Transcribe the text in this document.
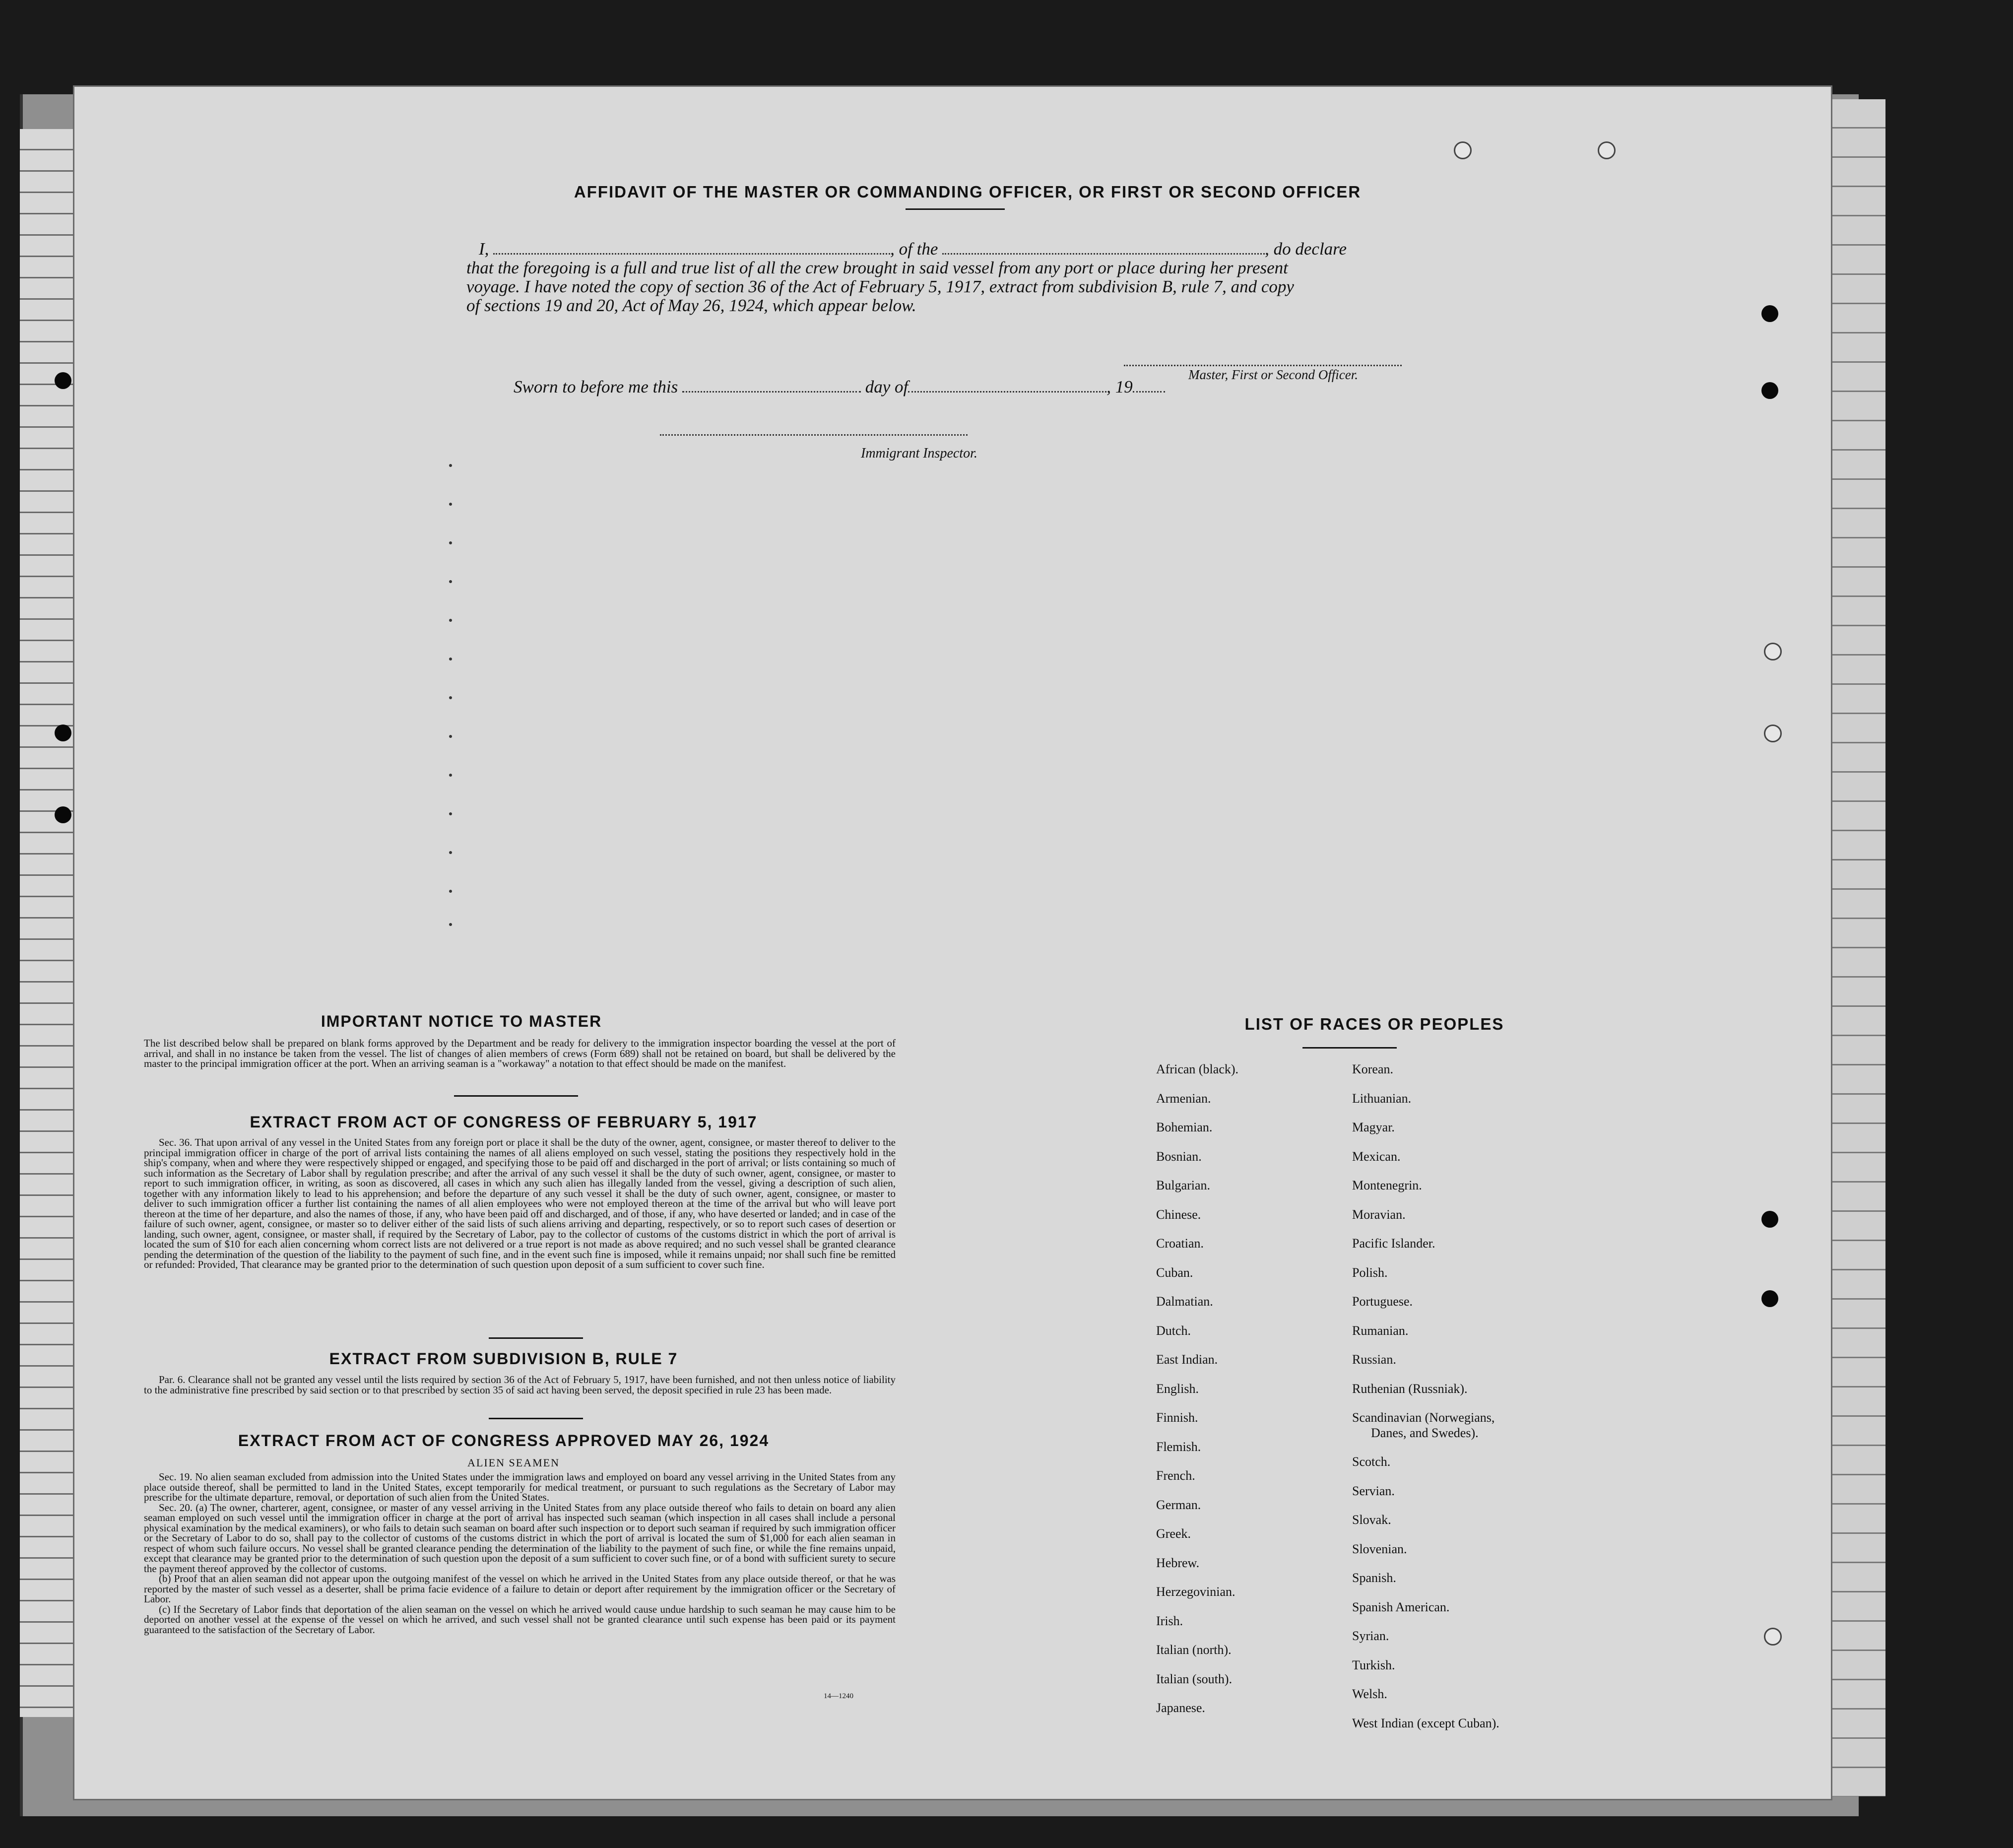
AFFIDAVIT OF THE MASTER OR COMMANDING OFFICER, OR FIRST OR SECOND OFFICER
I,	, of the	, do declare
that the foregoing is a full and true list of all the crew brought in said vessel from any port or place during her present
voyage. I have noted the copy of section 36 of the Act of February 5, 1917, extract from subdivision B, rule 7, and copy
of sections 19 and 20, Act of May 26, 1924, which appear below.
Master, First or Second Officer.
Sworn to before me this	day of	, 19
Immigrant Inspector.
IMPORTANT NOTICE TO MASTER
The list described below shall be prepared on blank forms approved by the Department and be ready for delivery to the immigration inspector boarding the vessel at the port of arrival, and shall in no instance be taken from the vessel. The list of changes of alien members of crews (Form 689) shall not be retained on board, but shall be delivered by the master to the principal immigration officer at the port. When an arriving seaman is a "workaway" a notation to that effect should be made on the manifest.
EXTRACT FROM ACT OF CONGRESS OF FEBRUARY 5, 1917
Sec. 36. That upon arrival of any vessel in the United States from any foreign port or place it shall be the duty of the owner, agent, consignee, or master thereof to deliver to the principal immigration officer in charge of the port of arrival lists containing the names of all aliens employed on such vessel, stating the positions they respectively hold in the ship's company, when and where they were respectively shipped or engaged, and specifying those to be paid off and discharged in the port of arrival; or lists containing so much of such information as the Secretary of Labor shall by regulation prescribe; and after the arrival of any such vessel it shall be the duty of such owner, agent, consignee, or master to report to such immigration officer, in writing, as soon as discovered, all cases in which any such alien has illegally landed from the vessel, giving a description of such alien, together with any information likely to lead to his apprehension; and before the departure of any such vessel it shall be the duty of such owner, agent, consignee, or master to deliver to such immigration officer a further list containing the names of all alien employees who were not employed thereon at the time of the arrival but who will leave port thereon at the time of her departure, and also the names of those, if any, who have been paid off and discharged, and of those, if any, who have deserted or landed; and in case of the failure of such owner, agent, consignee, or master so to deliver either of the said lists of such aliens arriving and departing, respectively, or so to report such cases of desertion or landing, such owner, agent, consignee, or master shall, if required by the Secretary of Labor, pay to the collector of customs of the customs district in which the port of arrival is located the sum of $10 for each alien concerning whom correct lists are not delivered or a true report is not made as above required; and no such vessel shall be granted clearance pending the determination of the question of the liability to the payment of such fine, and in the event such fine is imposed, while it remains unpaid; nor shall such fine be remitted or refunded: Provided, That clearance may be granted prior to the determination of such question upon deposit of a sum sufficient to cover such fine.
EXTRACT FROM SUBDIVISION B, RULE 7
Par. 6. Clearance shall not be granted any vessel until the lists required by section 36 of the Act of February 5, 1917, have been furnished, and not then unless notice of liability to the administrative fine prescribed by said section or to that prescribed by section 35 of said act having been served, the deposit specified in rule 23 has been made.
EXTRACT FROM ACT OF CONGRESS APPROVED MAY 26, 1924
ALIEN SEAMEN

Sec. 19. No alien seaman excluded from admission into the United States under the immigration laws and employed on board any vessel arriving in the United States from any place outside thereof, shall be permitted to land in the United States, except temporarily for medical treatment, or pursuant to such regulations as the Secretary of Labor may prescribe for the ultimate departure, removal, or deportation of such alien from the United States.

Sec. 20. (a) The owner, charterer, agent, consignee, or master of any vessel arriving in the United States from any place outside thereof who fails to detain on board any alien seaman employed on such vessel until the immigration officer in charge at the port of arrival has inspected such seaman (which inspection in all cases shall include a personal physical examination by the medical examiners), or who fails to detain such seaman on board after such inspection or to deport such seaman if required by such immigration officer or the Secretary of Labor to do so, shall pay to the collector of customs of the customs district in which the port of arrival is located the sum of $1,000 for each alien seaman in respect of whom such failure occurs. No vessel shall be granted clearance pending the determination of the liability to the payment of such fine, or while the fine remains unpaid, except that clearance may be granted prior to the determination of such question upon the deposit of a sum sufficient to cover such fine, or of a bond with sufficient surety to secure the payment thereof approved by the collector of customs.

(b) Proof that an alien seaman did not appear upon the outgoing manifest of the vessel on which he arrived in the United States from any place outside thereof, or that he was reported by the master of such vessel as a deserter, shall be prima facie evidence of a failure to detain or deport after requirement by the immigration officer or the Secretary of Labor.

(c) If the Secretary of Labor finds that deportation of the alien seaman on the vessel on which he arrived would cause undue hardship to such seaman he may cause him to be deported on another vessel at the expense of the vessel on which he arrived, and such vessel shall not be granted clearance until such expense has been paid or its payment guaranteed to the satisfaction of the Secretary of Labor.

14—1240
LIST OF RACES OR PEOPLES
African (black).
Armenian.
Bohemian.
Bosnian.
Bulgarian.
Chinese.
Croatian.
Cuban.
Dalmatian.
Dutch.
East Indian.
English.
Finnish.
Flemish.
French.
German.
Greek.
Hebrew.
Herzegovinian.
Irish.
Italian (north).
Italian (south).
Japanese.
Korean.
Lithuanian.
Magyar.
Mexican.
Montenegrin.
Moravian.
Pacific Islander.
Polish.
Portuguese.
Rumanian.
Russian.
Ruthenian (Russniak).
Scandinavian (Norwegians,
Danes, and Swedes).
Scotch.
Servian.
Slovak.
Slovenian.
Spanish.
Spanish American.
Syrian.
Turkish.
Welsh.
West Indian (except Cuban).
